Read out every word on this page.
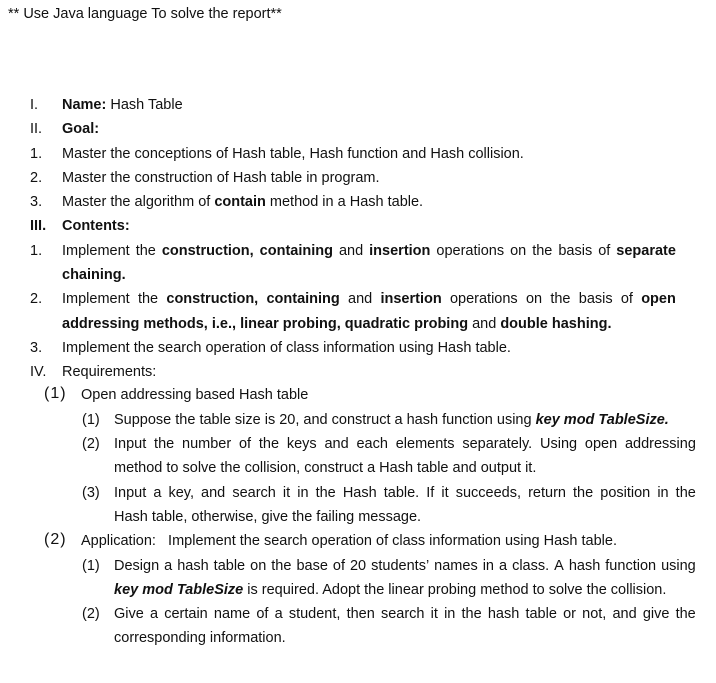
** Use Java language To solve the report**
I. Name: Hash Table
II. Goal:
1. Master the conceptions of Hash table, Hash function and Hash collision.
2. Master the construction of Hash table in program.
3. Master the algorithm of contain method in a Hash table.
III. Contents:
1. Implement the construction, containing and insertion operations on the basis of separate
chaining.
2. Implement the construction, containing and insertion operations on the basis of open
addressing methods, i.e., linear probing, quadratic probing and double hashing.
3. Implement the search operation of class information using Hash table.
IV. Requirements:
(1) Open addressing based Hash table
(1) Suppose the table size is 20, and construct a hash function using key mod TableSize.
(2) Input the number of the keys and each elements separately. Using open addressing
method to solve the collision, construct a Hash table and output it.
(3) Input a key, and search it in the Hash table. If it succeeds, return the position in the
Hash table, otherwise, give the failing message.
(2) Application:   Implement the search operation of class information using Hash table.
(1) Design a hash table on the base of 20 students’ names in a class. A hash function using
key mod TableSize is required. Adopt the linear probing method to solve the collision.
(2) Give a certain name of a student, then search it in the hash table or not, and give the
corresponding information.
